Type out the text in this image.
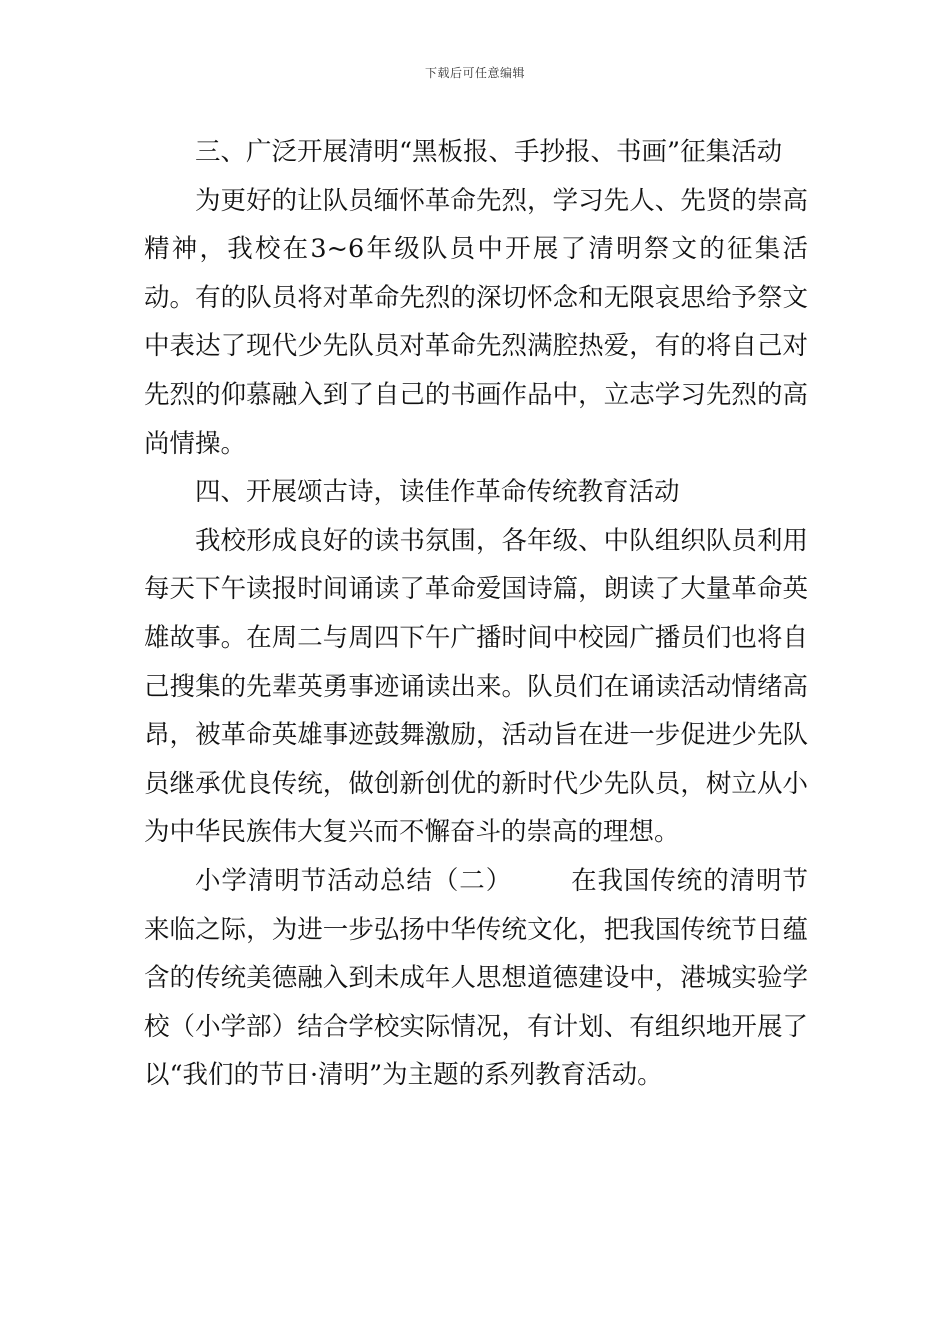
下载后可任意编辑

三、广泛开展清明“黑板报、手抄报、书画”征集活动

为更好的让队员缅怀革命先烈，学习先人、先贤的崇高精神，我校在3~6年级队员中开展了清明祭文的征集活动。有的队员将对革命先烈的深切怀念和无限哀思给予祭文中表达了现代少先队员对革命先烈满腔热爱，有的将自己对先烈的仰慕融入到了自己的书画作品中，立志学习先烈的高尚情操。

四、开展颂古诗，读佳作革命传统教育活动

我校形成良好的读书氛围，各年级、中队组织队员利用每天下午读报时间诵读了革命爱国诗篇，朗读了大量革命英雄故事。在周二与周四下午广播时间中校园广播员们也将自己搜集的先辈英勇事迹诵读出来。队员们在诵读活动情绪高昂，被革命英雄事迹鼓舞激励，活动旨在进一步促进少先队员继承优良传统，做创新创优的新时代少先队员，树立从小为中华民族伟大复兴而不懈奋斗的崇高的理想。

小学清明节活动总结（二） 在我国传统的清明节来临之际，为进一步弘扬中华传统文化，把我国传统节日蕴含的传统美德融入到未成年人思想道德建设中，港城实验学校（小学部）结合学校实际情况，有计划、有组织地开展了以“我们的节日·清明”为主题的系列教育活动。
